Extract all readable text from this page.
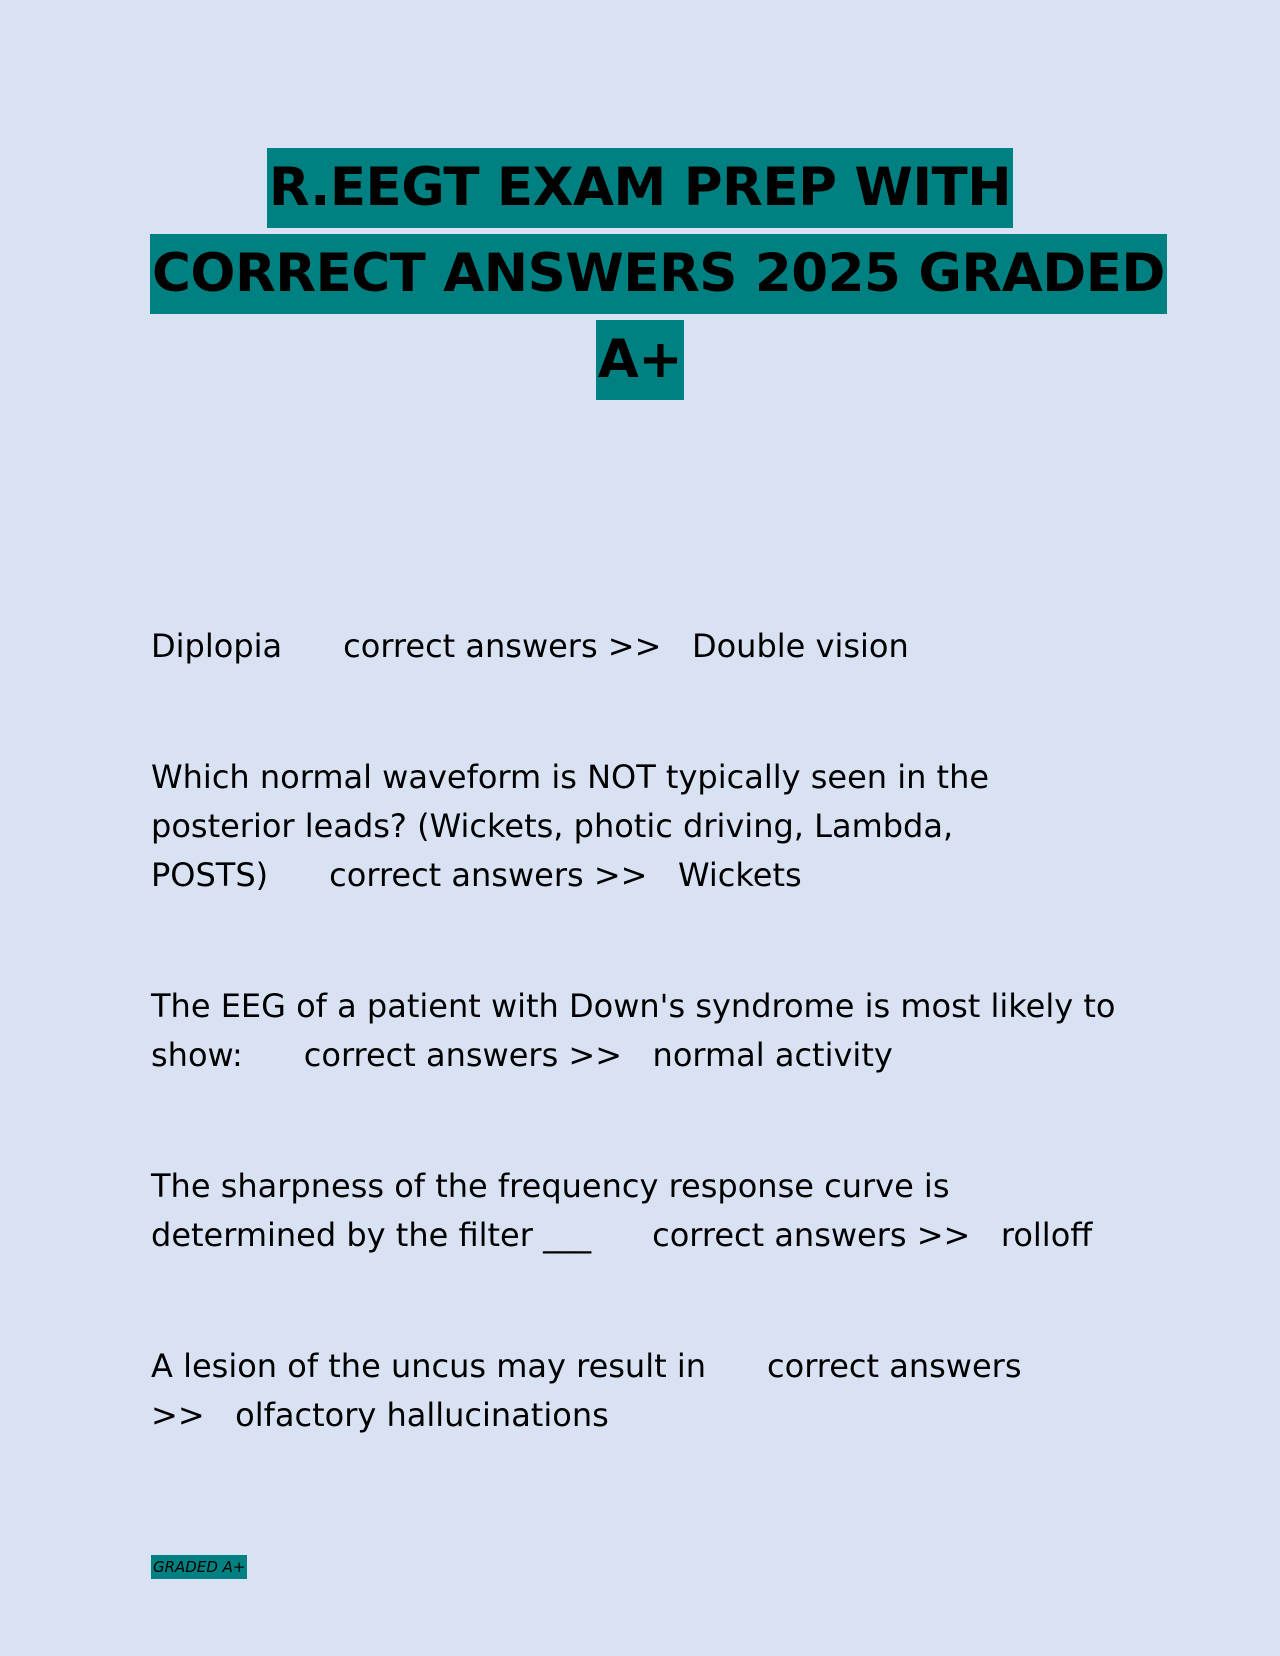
R.EEGT EXAM PREP WITH
CORRECT ANSWERS 2025 GRADED
A+

Diplopia correct answers >> Double vision

Which normal waveform is NOT typically seen in the posterior leads? (Wickets, photic driving, Lambda, POSTS) correct answers >> Wickets

The EEG of a patient with Down's syndrome is most likely to show: correct answers >> normal activity

The sharpness of the frequency response curve is determined by the filter ___ correct answers >> rolloff

A lesion of the uncus may result in correct answers >> olfactory hallucinations

GRADED A+
